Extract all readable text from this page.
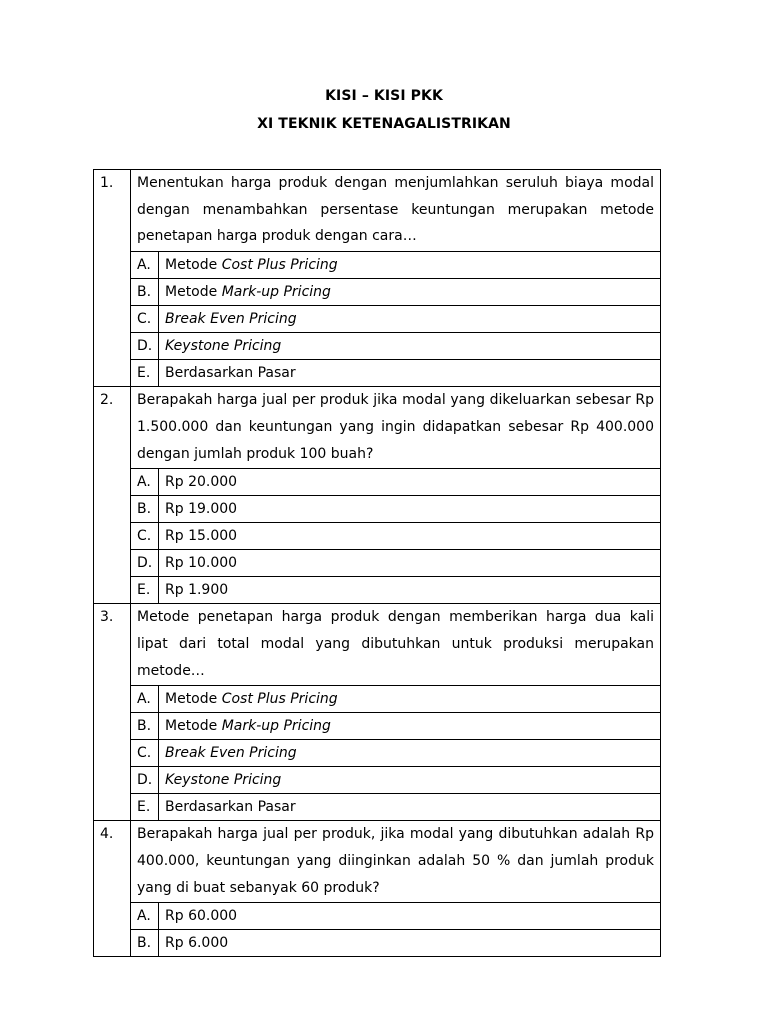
KISI – KISI PKK
XI TEKNIK KETENAGALISTRIKAN
1.	Menentukan harga produk dengan menjumlahkan seruluh biaya modal dengan menambahkan persentase keuntungan merupakan metode penetapan harga produk dengan cara…	
	A.	Metode Cost Plus Pricing
	B.	Metode Mark-up Pricing
	C.	Break Even Pricing
	D.	Keystone Pricing
	E.	Berdasarkan Pasar
2.	Berapakah harga jual per produk jika modal yang dikeluarkan sebesar Rp 1.500.000 dan keuntungan yang ingin didapatkan sebesar Rp 400.000 dengan jumlah produk 100 buah?	
	A.	Rp 20.000
	B.	Rp 19.000
	C.	Rp 15.000
	D.	Rp 10.000
	E.	Rp 1.900
3.	Metode penetapan harga produk dengan memberikan harga dua kali lipat dari total modal yang dibutuhkan untuk produksi merupakan metode…	
	A.	Metode Cost Plus Pricing
	B.	Metode Mark-up Pricing
	C.	Break Even Pricing
	D.	Keystone Pricing
	E.	Berdasarkan Pasar
4.	Berapakah harga jual per produk, jika modal yang dibutuhkan adalah Rp 400.000, keuntungan yang diinginkan adalah 50 % dan jumlah produk yang di buat sebanyak 60 produk?	
	A.	Rp 60.000
	B.	Rp 6.000
